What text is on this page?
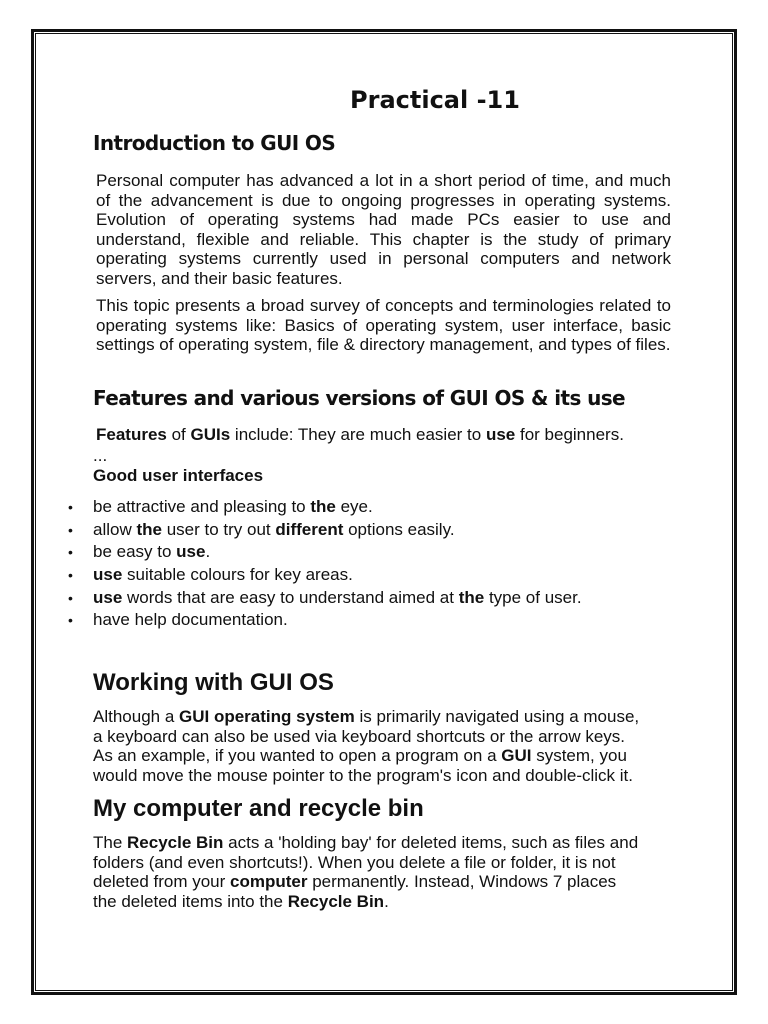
Practical -11
Introduction to GUI OS

Personal computer has advanced a lot in a short period of time, and much of the advancement is due to ongoing progresses in operating systems. Evolution of operating systems had made PCs easier to use and understand, flexible and reliable. This chapter is the study of primary operating systems currently used in personal computers and network servers, and their basic features.

This topic presents a broad survey of concepts and terminologies related to operating systems like: Basics of operating system, user interface, basic settings of operating system, file & directory management, and types of files.

Features and various versions of GUI OS & its use
Features of GUIs include: They are much easier to use for beginners.
...
Good user interfaces
• be attractive and pleasing to the eye.
• allow the user to try out different options easily.
• be easy to use.
• use suitable colours for key areas.
• use words that are easy to understand aimed at the type of user.
• have help documentation.
Working with GUI OS
Although a GUI operating system is primarily navigated using a mouse,
a keyboard can also be used via keyboard shortcuts or the arrow keys.
As an example, if you wanted to open a program on a GUI system, you
would move the mouse pointer to the program's icon and double-click it.
My computer and recycle bin
The Recycle Bin acts a 'holding bay' for deleted items, such as files and
folders (and even shortcuts!). When you delete a file or folder, it is not
deleted from your computer permanently. Instead, Windows 7 places
the deleted items into the Recycle Bin.
